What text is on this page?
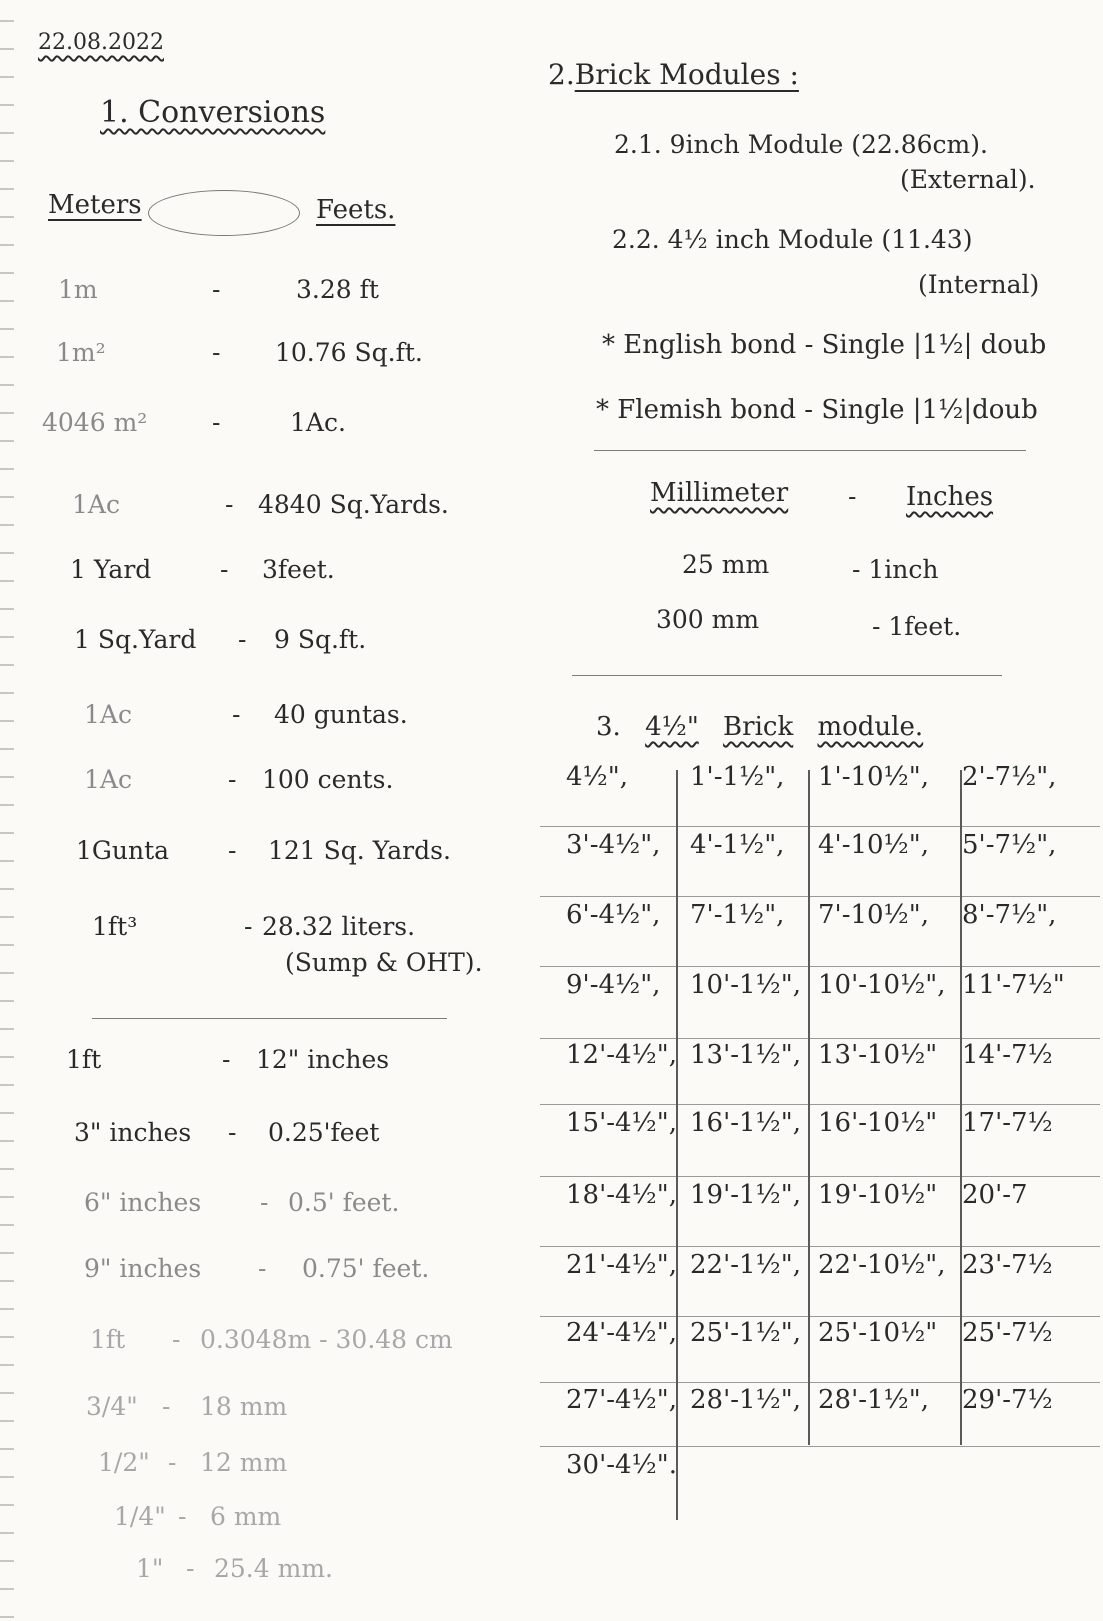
22.08.2022
1. Conversions
Meters	Feets.
1m	-	3.28 ft
1m²	- 10.76 Sq.ft.
4046 m²	-	1Ac.
1Ac	- 4840 Sq.Yards.
1 Yard	- 3feet.
1 Sq.Yard - 9 Sq.ft.
1Ac	- 40 guntas.
1Ac	- 100 cents.
1Gunta - 121 Sq. Yards.
1ft³	- 28.32 liters.
(Sump & OHT).
1ft	- 12" inches
3" inches - 0.25'feet
6" inches - 0.5' feet.
9" inches - 0.75' feet.
1ft - 0.3048m - 30.48 cm
3/4" - 18 mm
1/2" - 12 mm
1/4" - 6 mm
1" - 25.4 mm.
2.Brick Modules :
2.1. 9inch Module (22.86cm).
(External).
2.2. 4½ inch Module (11.43)
(Internal)
* English bond - Single |1½| doub
* Flemish bond - Single |1½|doub
Millimeter - Inches
25 mm	- 1inch
300 mm	- 1feet.
3. 4½" Brick module.
4½", 1'-1½", 1'-10½", 2'-7½",
3'-4½", 4'-1½", 4'-10½", 5'-7½",
6'-4½", 7'-1½", 7'-10½", 8'-7½",
9'-4½", 10'-1½", 10'-10½", 11'-7½"
12'-4½", 13'-1½", 13'-10½" 14'-7½
15'-4½", 16'-1½", 16'-10½" 17'-7½
18'-4½", 19'-1½", 19'-10½" 20'-7
21'-4½", 22'-1½", 22'-10½", 23'-7½
24'-4½", 25'-1½", 25'-10½" 25'-7½
27'-4½", 28'-1½", 28'-1½", 29'-7½
30'-4½".
